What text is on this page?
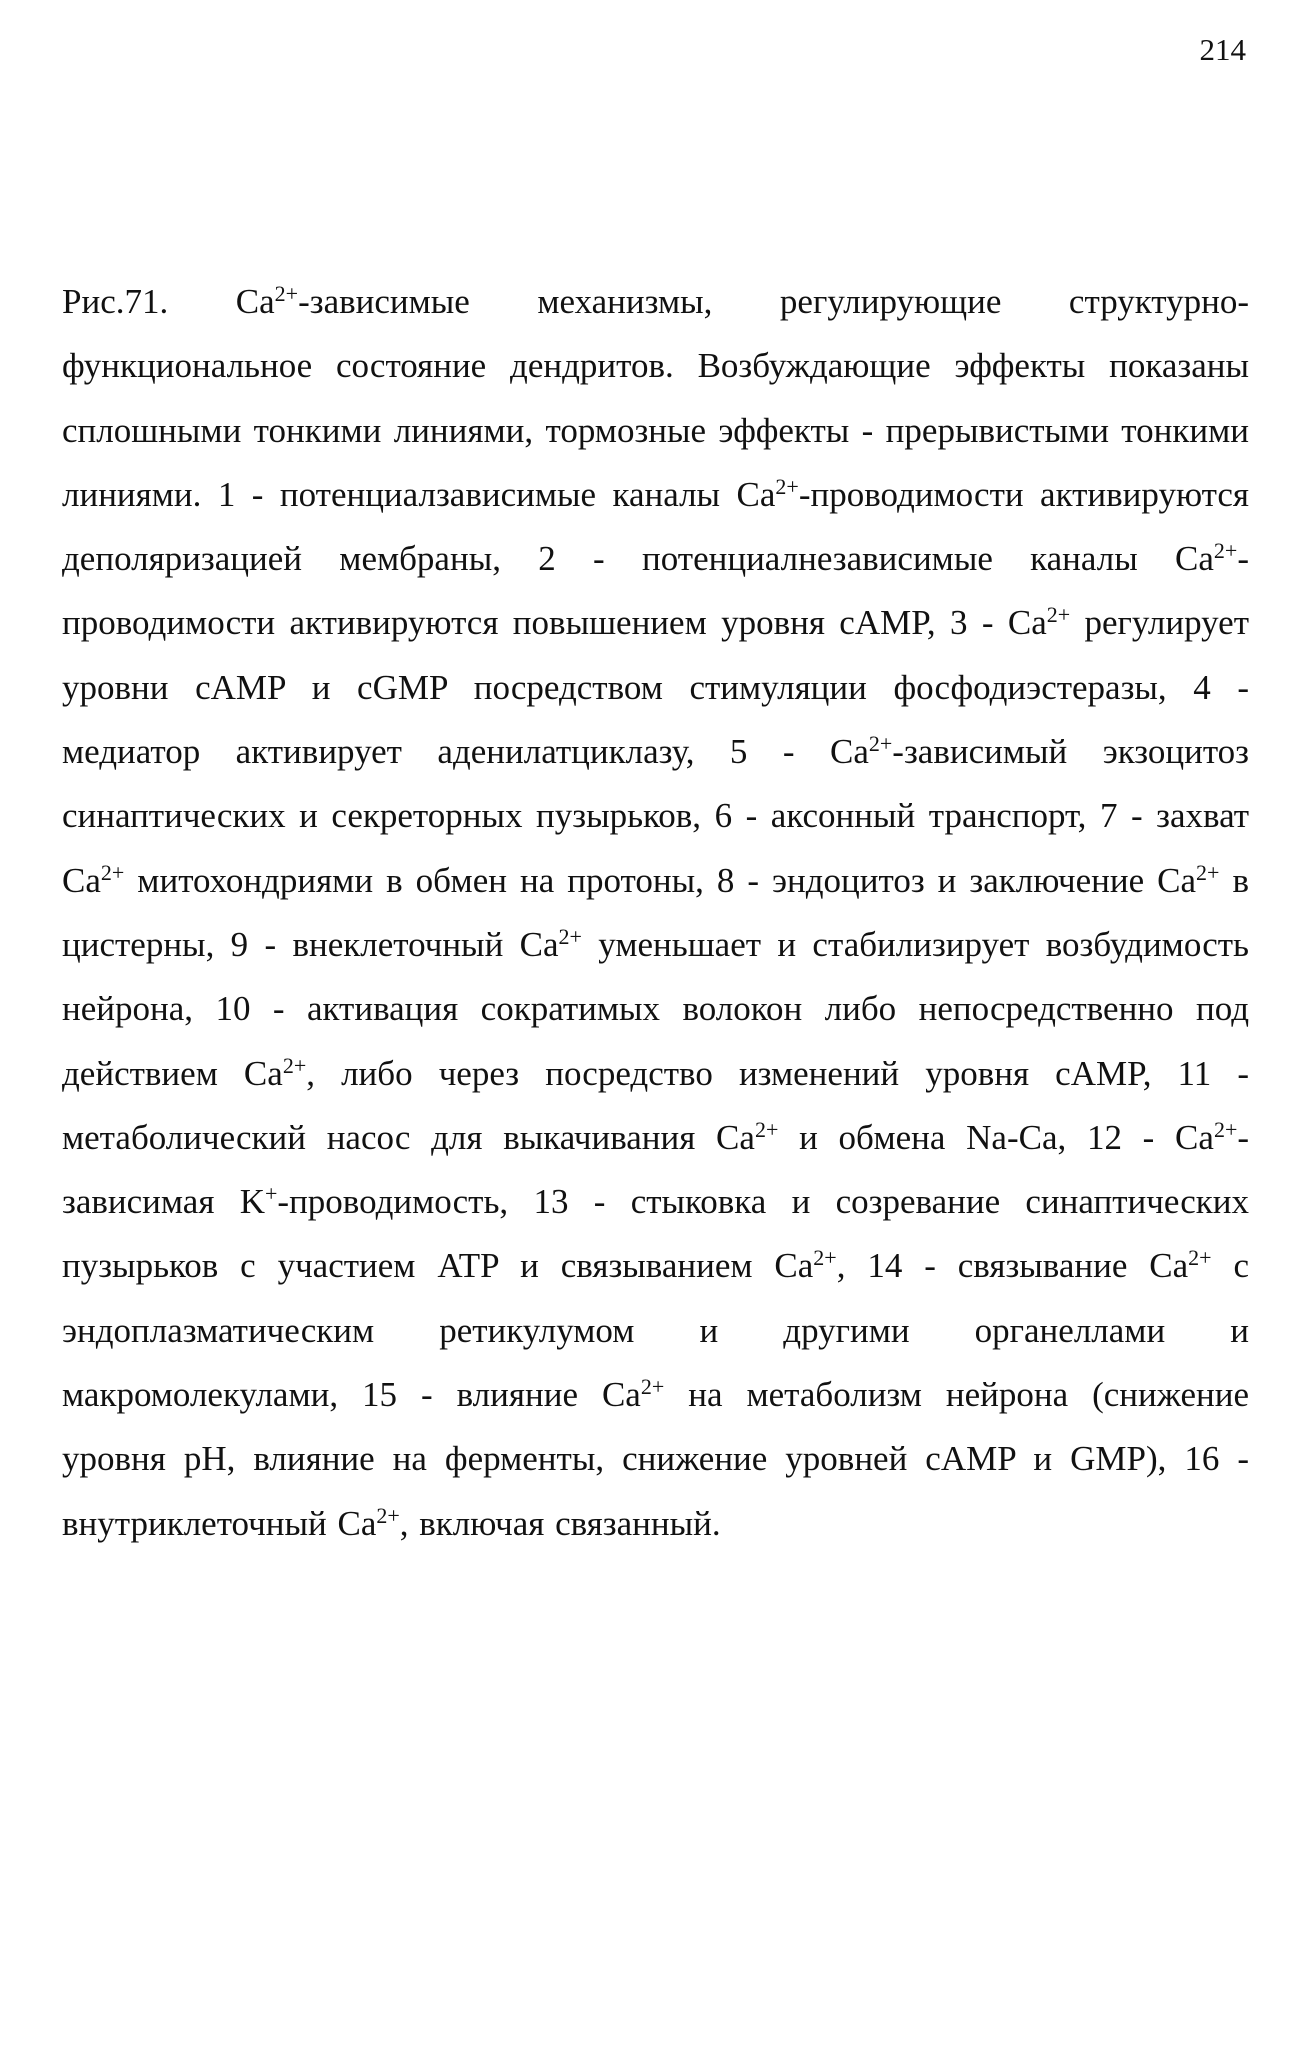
214

Рис.71. $Ca^{2+}$-зависимые механизмы, регулирующие структурно-функциональное состояние дендритов. Возбуждающие эффекты показаны сплошными тонкими линиями, тормозные эффекты - прерывистыми тонкими линиями. 1 - потенциалзависимые каналы $Ca^{2+}$-проводимости активируются деполяризацией мембраны, 2 - потенциалнезависимые каналы $Ca^{2+}$-проводимости активируются повышением уровня cAMP, $3 - Ca^{2+}$ регулирует уровни cAMP и cGMP посредством стимуляции фосфодиэстеразы, 4 - медиатор активирует аденилатциклазу, $5 - Ca^{2+}$-зависимый экзоцитоз синаптических и секреторных пузырьков, 6 - аксонный транспорт, 7 - захват $Ca^{2+}$ митохондриями в обмен на протоны, 8 - эндоцитоз и заключение $Ca^{2+}$ в цистерны, 9 - внеклеточный $Ca^{2+}$ уменьшает и стабилизирует возбудимость нейрона, 10 - активация сократимых волокон либо непосредственно под действием $Ca^{2+}$, либо через посредство изменений уровня cAMP, 11 - метаболический насос для выкачивания $Ca^{2+}$ и обмена Na-Ca, $12 - Ca^{2+}$-зависимая K+-проводимость, 13 - стыковка и созревание синаптических пузырьков с участием ATP и связыванием $Ca^{2+}$, 14 - связывание $Ca^{2+}$ с эндоплазматическим ретикулумом и другими органеллами и макромолекулами, 15 - влияние $Ca^{2+}$ на метаболизм нейрона (снижение уровня pH, влияние на ферменты, снижение уровней cAMP и GMP), 16 - внутриклеточный $Ca^{2+}$, включая связанный.
